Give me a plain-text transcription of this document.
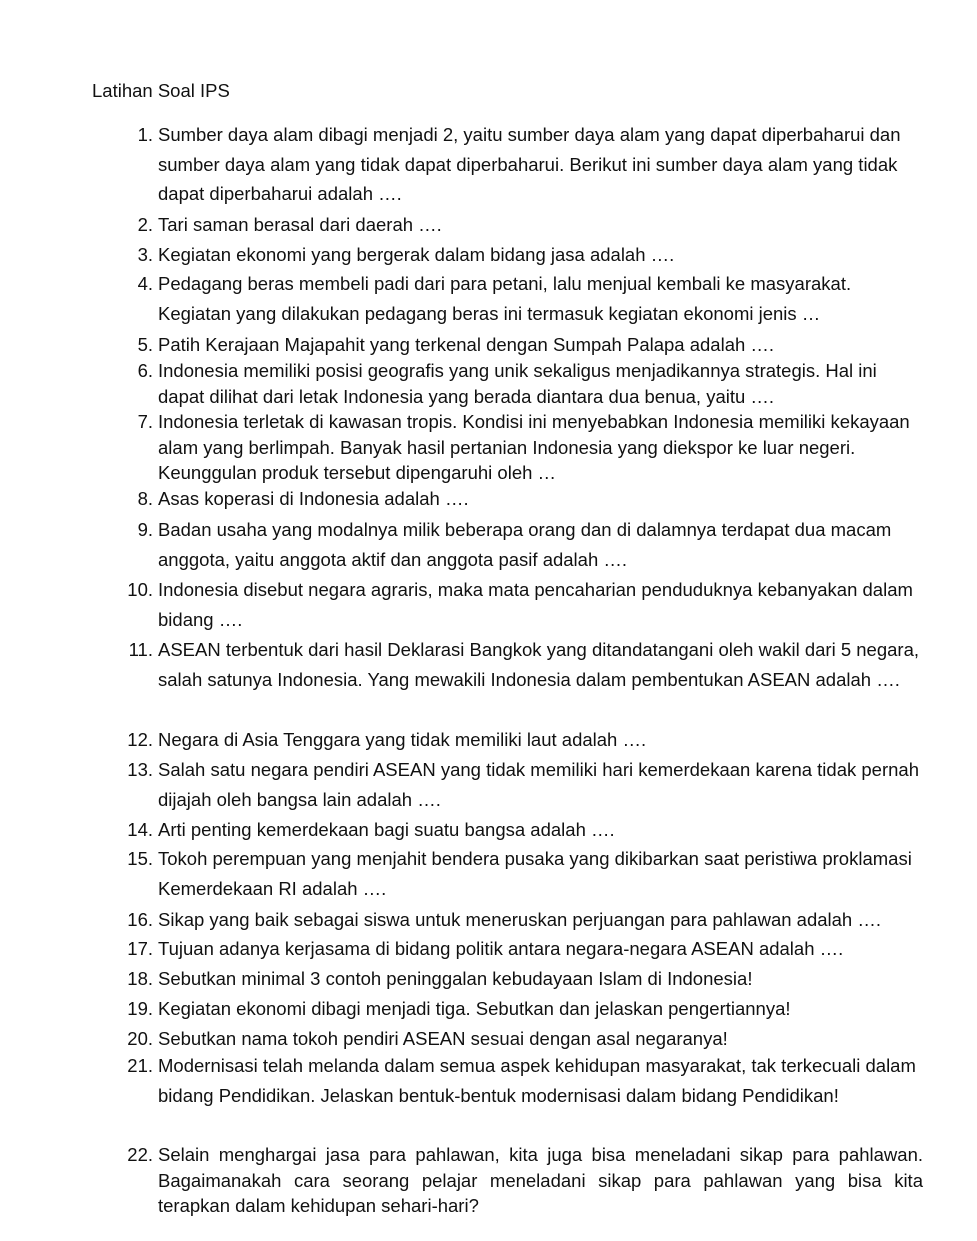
Latihan Soal IPS
1. Sumber daya alam dibagi menjadi 2, yaitu sumber daya alam yang dapat diperbaharui dan sumber daya alam yang tidak dapat diperbaharui. Berikut ini sumber daya alam yang tidak dapat diperbaharui adalah ….
2. Tari saman berasal dari daerah ….
3. Kegiatan ekonomi yang bergerak dalam bidang jasa adalah ….
4. Pedagang beras membeli padi dari para petani, lalu menjual kembali ke masyarakat. Kegiatan yang dilakukan pedagang beras ini termasuk kegiatan ekonomi jenis …
5. Patih Kerajaan Majapahit yang terkenal dengan Sumpah Palapa adalah ….
6. Indonesia memiliki posisi geografis yang unik sekaligus menjadikannya strategis. Hal ini dapat dilihat dari letak Indonesia yang berada diantara dua benua, yaitu ….
7. Indonesia terletak di kawasan tropis. Kondisi ini menyebabkan Indonesia memiliki kekayaan alam yang berlimpah. Banyak hasil pertanian Indonesia yang diekspor ke luar negeri. Keunggulan produk tersebut dipengaruhi oleh …
8. Asas koperasi di Indonesia adalah ….
9. Badan usaha yang modalnya milik beberapa orang dan di dalamnya terdapat dua macam anggota, yaitu anggota aktif dan anggota pasif adalah ….
10. Indonesia disebut negara agraris, maka mata pencaharian penduduknya kebanyakan dalam bidang ….
11. ASEAN terbentuk dari hasil Deklarasi Bangkok yang ditandatangani oleh wakil dari 5 negara, salah satunya Indonesia. Yang mewakili Indonesia dalam pembentukan ASEAN adalah ….
12. Negara di Asia Tenggara yang tidak memiliki laut adalah ….
13. Salah satu negara pendiri ASEAN yang tidak memiliki hari kemerdekaan karena tidak pernah dijajah oleh bangsa lain adalah ….
14. Arti penting kemerdekaan bagi suatu bangsa adalah ….
15. Tokoh perempuan yang menjahit bendera pusaka yang dikibarkan saat peristiwa proklamasi Kemerdekaan RI adalah ….
16. Sikap yang baik sebagai siswa untuk meneruskan perjuangan para pahlawan adalah ….
17. Tujuan adanya kerjasama di bidang politik antara negara-negara ASEAN adalah ….
18. Sebutkan minimal 3 contoh peninggalan kebudayaan Islam di Indonesia!
19. Kegiatan ekonomi dibagi menjadi tiga. Sebutkan dan jelaskan pengertiannya!
20. Sebutkan nama tokoh pendiri ASEAN sesuai dengan asal negaranya!
21. Modernisasi telah melanda dalam semua aspek kehidupan masyarakat, tak terkecuali dalam bidang Pendidikan. Jelaskan bentuk-bentuk modernisasi dalam bidang Pendidikan!
22. Selain menghargai jasa para pahlawan, kita juga bisa meneladani sikap para pahlawan. Bagaimanakah cara seorang pelajar meneladani sikap para pahlawan yang bisa kita terapkan dalam kehidupan sehari-hari?
